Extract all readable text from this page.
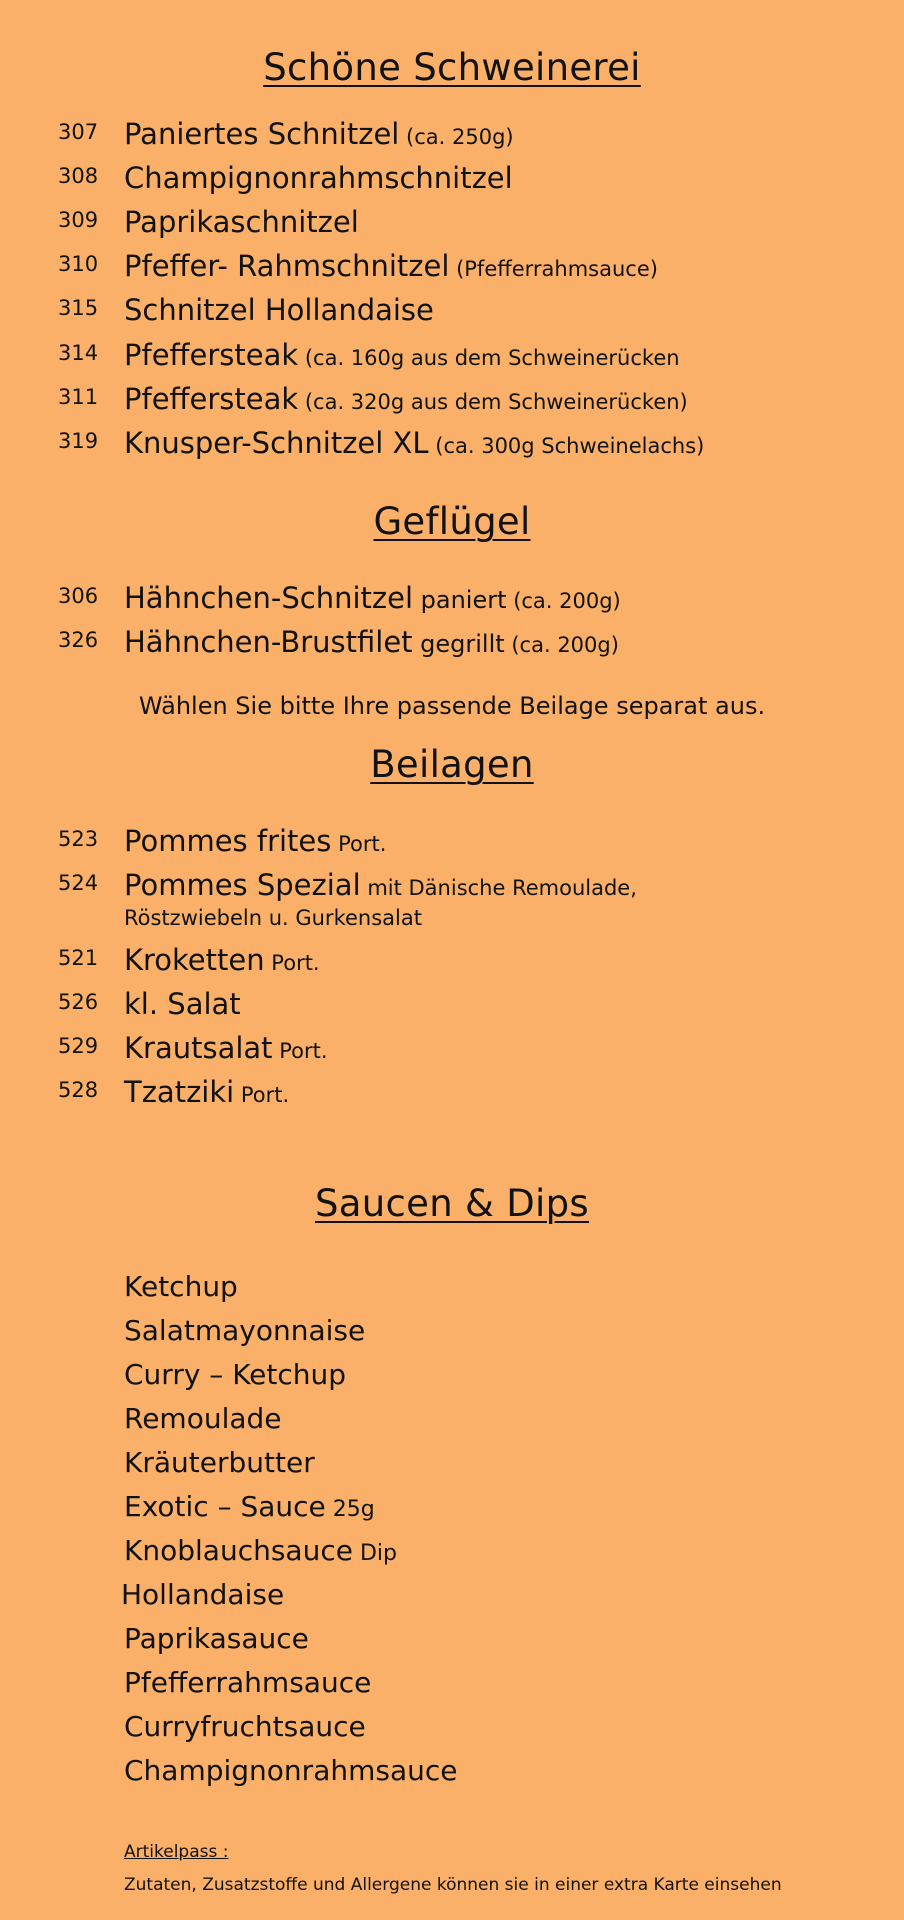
Schöne Schweinerei
307 Paniertes Schnitzel (ca. 250g)
308 Champignonrahmschnitzel
309 Paprikaschnitzel
310 Pfeffer- Rahmschnitzel (Pfefferrahmsauce)
315 Schnitzel Hollandaise
314 Pfeffersteak (ca. 160g aus dem Schweinerücken
311 Pfeffersteak (ca. 320g aus dem Schweinerücken)
319 Knusper-Schnitzel XL (ca. 300g Schweinelachs)
Geflügel
306 Hähnchen-Schnitzel paniert (ca. 200g)
326 Hähnchen-Brustfilet gegrillt (ca. 200g)
Wählen Sie bitte Ihre passende Beilage separat aus.
Beilagen
523 Pommes frites Port.
524 Pommes Spezial mit Dänische Remoulade,
Röstzwiebeln u. Gurkensalat
521 Kroketten Port.
526 kl. Salat
529 Krautsalat Port.
528 Tzatziki Port.
Saucen & Dips
Ketchup
Salatmayonnaise
Curry – Ketchup
Remoulade
Kräuterbutter
Exotic – Sauce 25g
Knoblauchsauce Dip
Hollandaise
Paprikasauce
Pfefferrahmsauce
Curryfruchtsauce
Champignonrahmsauce
Artikelpass :
Zutaten, Zusatzstoffe und Allergene können sie in einer extra Karte einsehen
